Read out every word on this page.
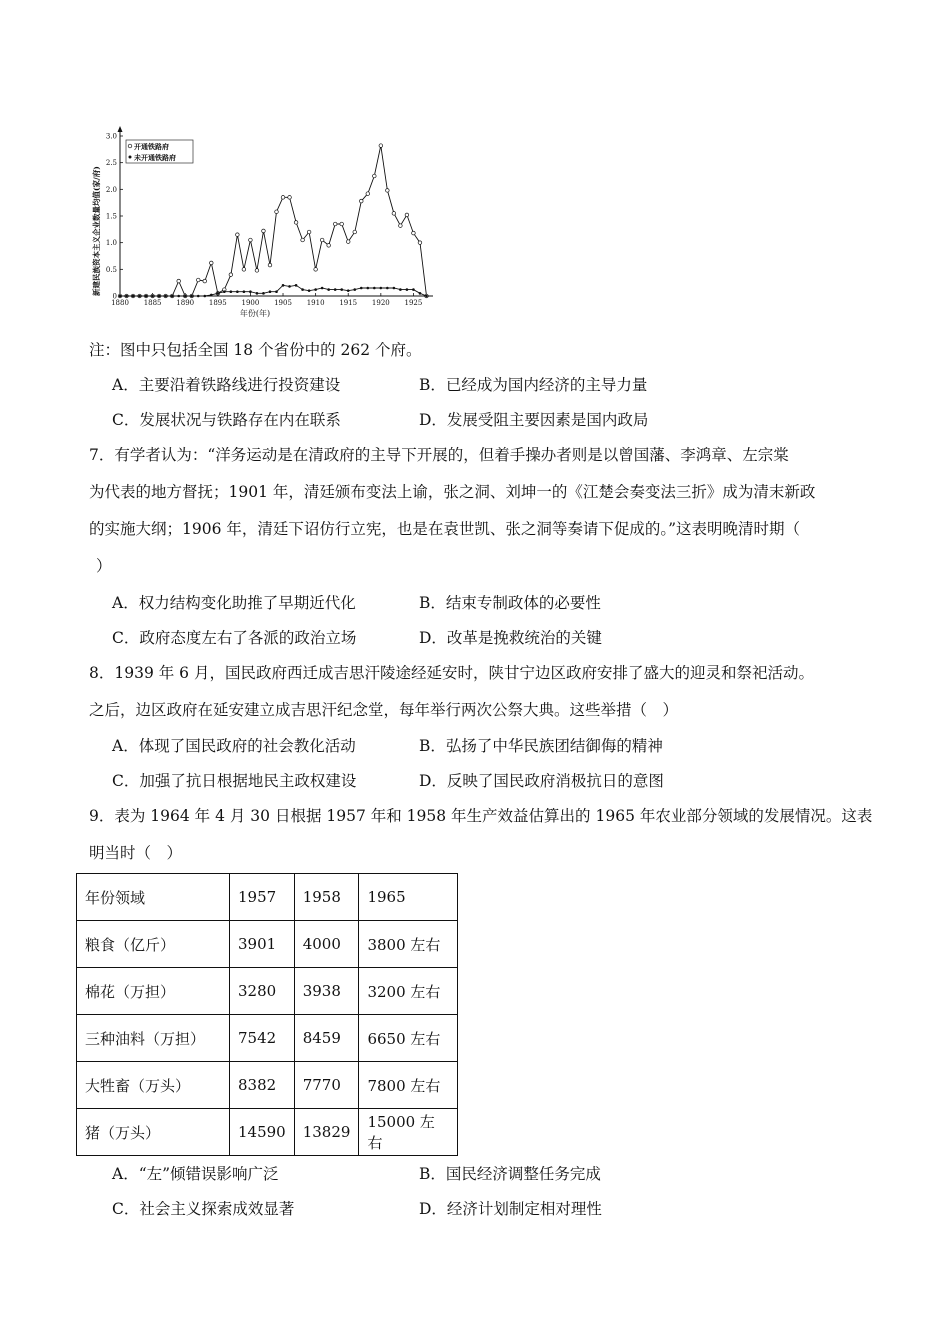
0
0.5
1.0
1.5
2.0
2.5
3.0
1880 1885 1890 1895 1900 1905 1910 1915 1920 1925
开通铁路府
未开通铁路府
新建民族资本主义企业数量均值(家/府)
年份(年)
注：图中只包括全国 18 个省份中的 262 个府。
A．主要沿着铁路线进行投资建设	B．已经成为国内经济的主导力量
C．发展状况与铁路存在内在联系	D．发展受阻主要因素是国内政局
7．有学者认为：“洋务运动是在清政府的主导下开展的，但着手操办者则是以曾国藩、李鸿章、左宗棠
为代表的地方督抚；1901 年，清廷颁布变法上谕，张之洞、刘坤一的《江楚会奏变法三折》成为清末新政
的实施大纲；1906 年，清廷下诏仿行立宪，也是在袁世凯、张之洞等奏请下促成的。”这表明晚清时期（
）
A．权力结构变化助推了早期近代化	B．结束专制政体的必要性
C．政府态度左右了各派的政治立场	D．改革是挽救统治的关键
8．1939 年 6 月，国民政府西迁成吉思汗陵途经延安时，陕甘宁边区政府安排了盛大的迎灵和祭祀活动。
之后，边区政府在延安建立成吉思汗纪念堂，每年举行两次公祭大典。这些举措（　）
A．体现了国民政府的社会教化活动	B．弘扬了中华民族团结御侮的精神
C．加强了抗日根据地民主政权建设	D．反映了国民政府消极抗日的意图
9．表为 1964 年 4 月 30 日根据 1957 年和 1958 年生产效益估算出的 1965 年农业部分领域的发展情况。这表
明当时（　）
年份领域	1957	1958	1965
粮食（亿斤）	3901	4000	3800 左右
棉花（万担）	3280	3938	3200 左右
三种油料（万担）	7542	8459	6650 左右
大牲畜（万头）	8382	7770	7800 左右
猪（万头）	14590	13829	15000 左右
A．“左”倾错误影响广泛	B．国民经济调整任务完成
C．社会主义探索成效显著	D．经济计划制定相对理性
